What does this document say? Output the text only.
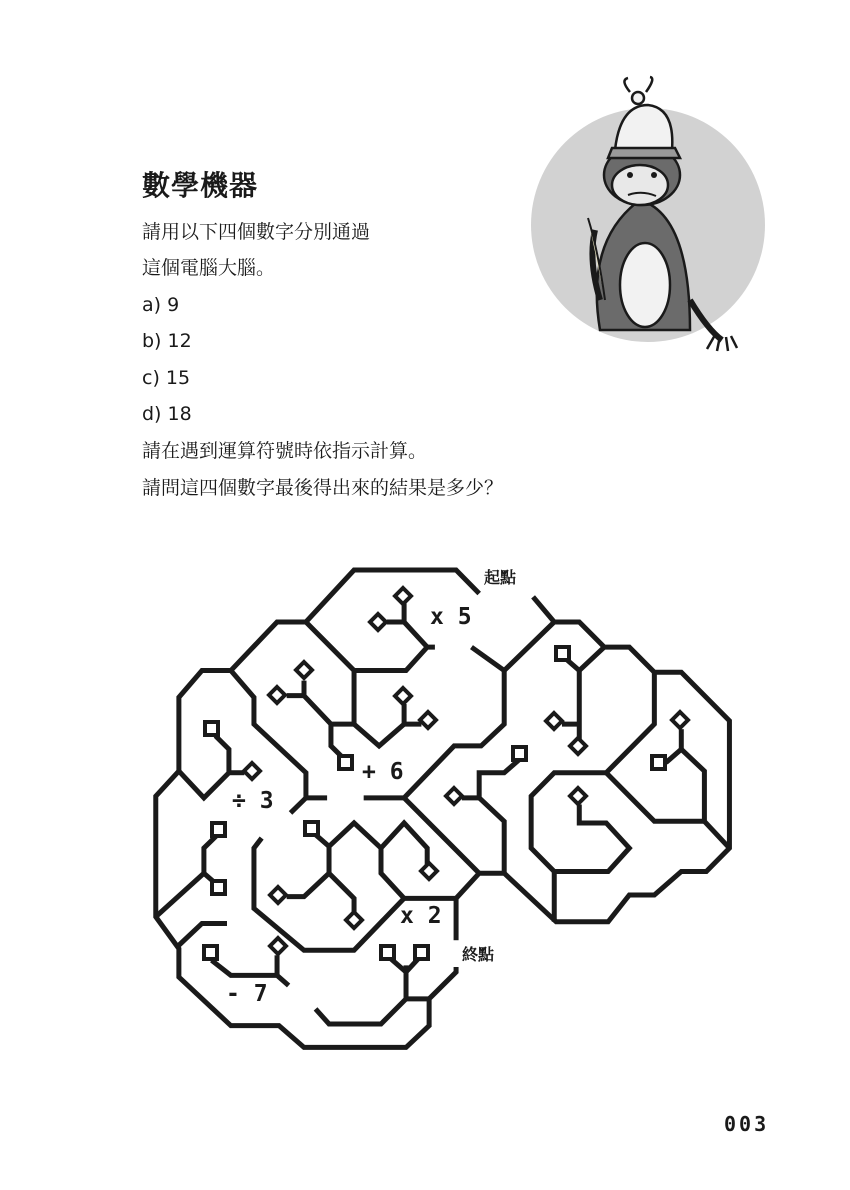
數學機器
請用以下四個數字分別通過
這個電腦大腦。
a) 9
b) 12
c) 15
d) 18
請在遇到運算符號時依指示計算。
請問這四個數字最後得出來的結果是多少？
起點
x 5
+ 6
÷ 3
x 2
終點
- 7
003
